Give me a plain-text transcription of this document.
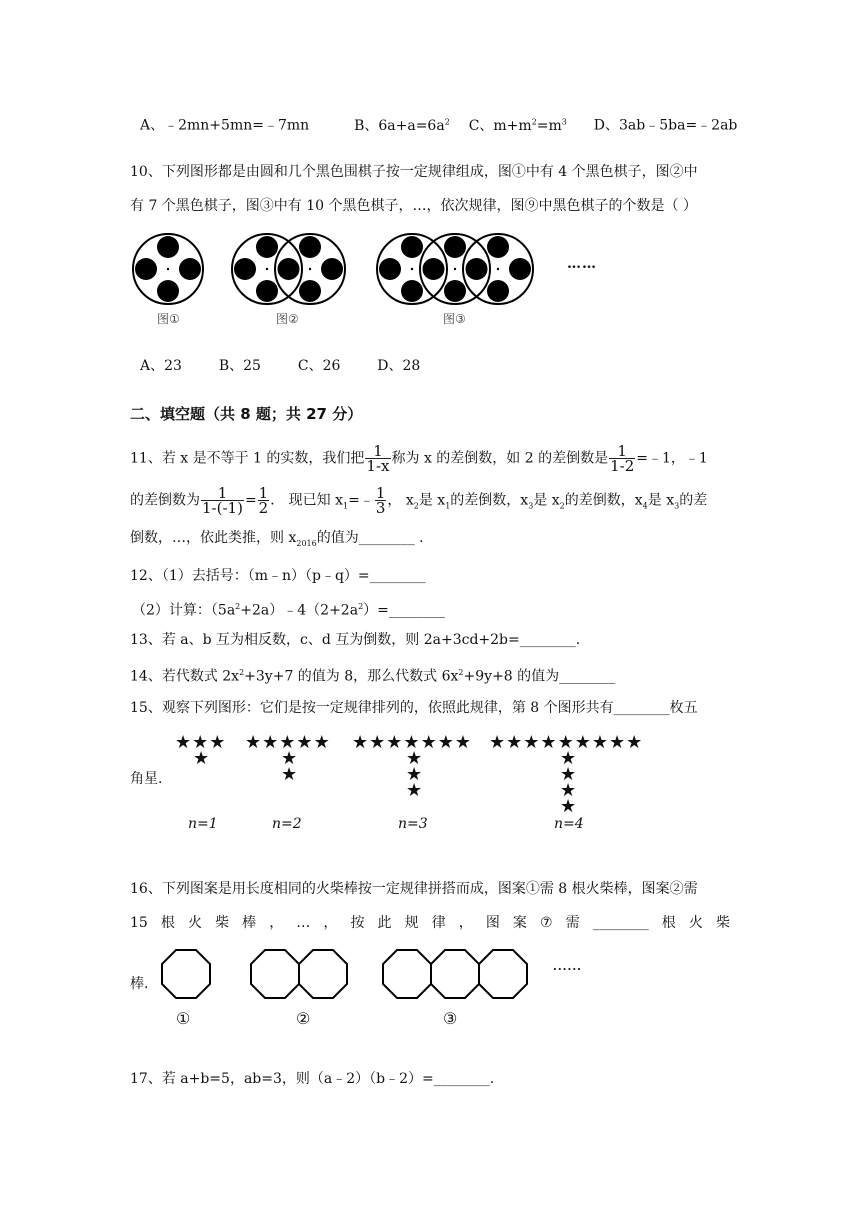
A、﹣2mn+5mn=﹣7mn	B、$6a+a=6a^2$ C、$m+m^2=m^3$ D、3ab﹣5ba=﹣2ab
10、下列图形都是由圆和几个黑色围棋子按一定规律组成，图①中有 4 个黑色棋子，图②中
有 7 个黑色棋子，图③中有 10 个黑色棋子，…，依次规律，图⑨中黑色棋子的个数是（ ）
……
图①	图②	图③
A、23	B、25	C、26	D、28
二、填空题（共 8 题；共 27 分）
11、若 x 是不等于 1 的实数，我们把 $\frac{1}{1-x}$ 称为 x 的差倒数，如 2 的差倒数是 $\frac{1}{1-2}$ =﹣1，﹣1
的差倒数为 $\frac{1}{1-(-1)} = \frac{1}{2}$ ． 现已知 $x_1=﹣ \frac{1}{3}$ ， $x_2$是 $x_1$的差倒数，$x_3$是 $x_2$的差倒数，$x_4$是 $x_3$的差
倒数，…，依此类推，则 $x_{2016}$的值为________ .
12、（1）去括号：（m﹣n）（p﹣q）=________
（2）计算：$(5a^2+2a)﹣4(2+2a^2)=\_\_\_\_\_\_\_\_$
13、若 a、b 互为相反数，c、d 互为倒数，则 2a+3cd+2b=________.
14、若代数式 $2x^2+3y+7$ 的值为 8，那么代数式 $6x^2+9y+8$ 的值为________
15、观察下列图形：它们是按一定规律排列的，依照此规律，第 8 个图形共有________枚五
★★★
★
★★★★★
★
★
★★★★★★★
★
★
★
★★★★★★★★★
★
★
★
★
角星.
n=1	n=2	n=3	n=4
16、下列图案是用长度相同的火柴棒按一定规律拼搭而成，图案①需 8 根火柴棒，图案②需
15 根 火 柴 棒 ， … ， 按 此 规 律 ， 图 案 ⑦ 需 ________ 根 火 柴
棒.
......
①	②	③
17、若 a+b=5，ab=3，则（a﹣2）（b﹣2）=________.
